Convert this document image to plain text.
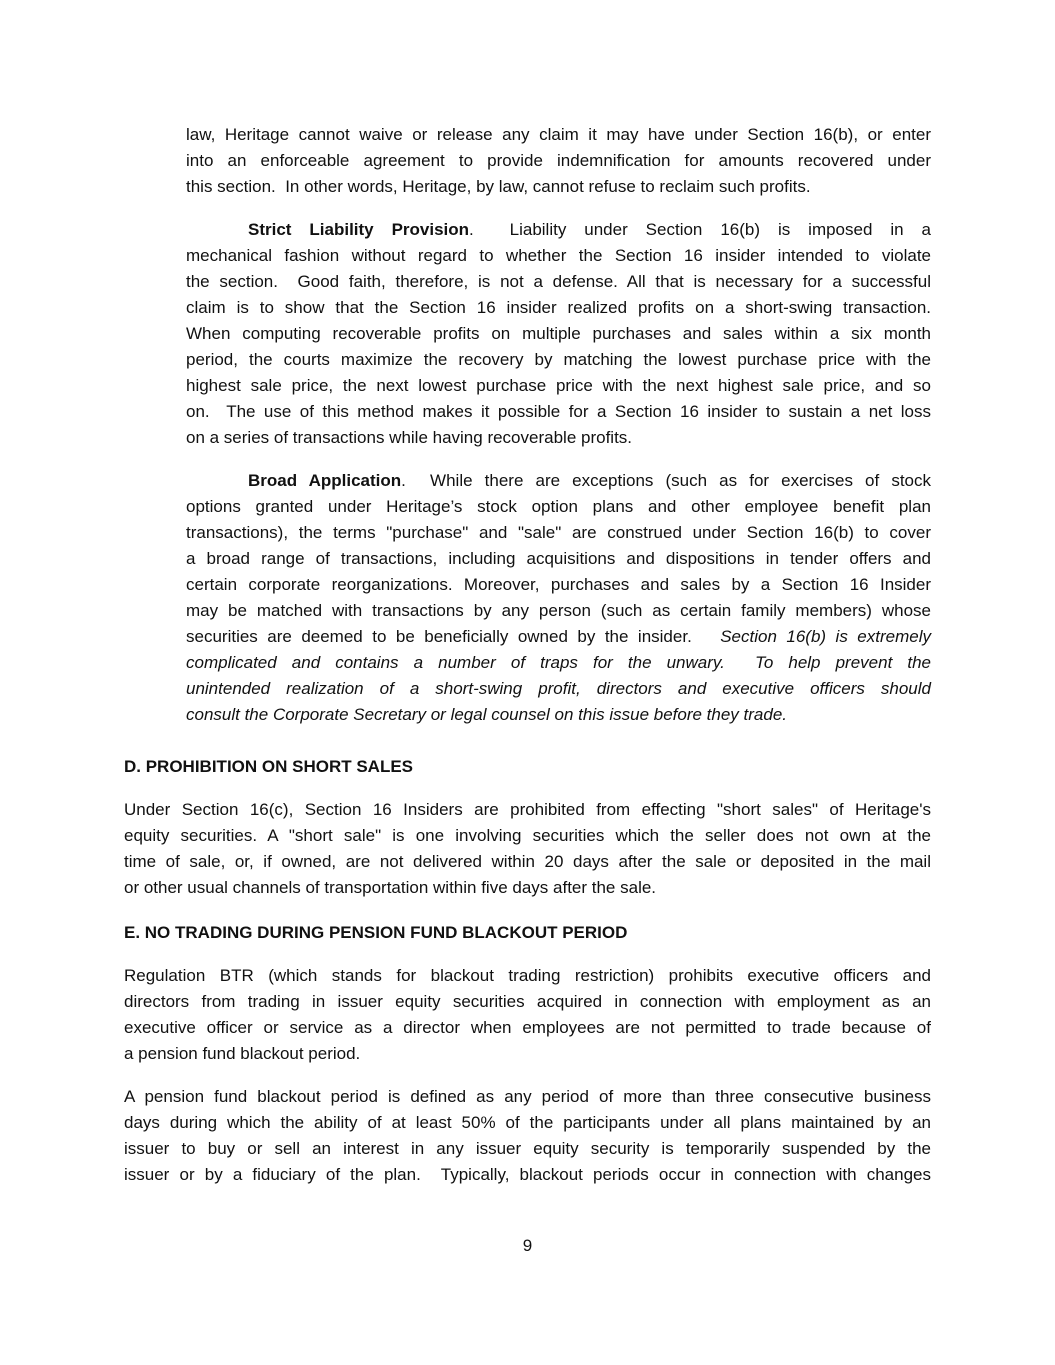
law, Heritage cannot waive or release any claim it may have under Section 16(b), or enter
into an enforceable agreement to provide indemnification for amounts recovered under
this section.  In other words, Heritage, by law, cannot refuse to reclaim such profits.
Strict Liability Provision.  Liability under Section 16(b) is imposed in a
mechanical fashion without regard to whether the Section 16 insider intended to violate
the section.  Good faith, therefore, is not a defense. All that is necessary for a successful
claim is to show that the Section 16 insider realized profits on a short-swing transaction.
When computing recoverable profits on multiple purchases and sales within a six month
period, the courts maximize the recovery by matching the lowest purchase price with the
highest sale price, the next lowest purchase price with the next highest sale price, and so
on.  The use of this method makes it possible for a Section 16 insider to sustain a net loss
on a series of transactions while having recoverable profits.
Broad Application.  While there are exceptions (such as for exercises of stock
options granted under Heritage’s stock option plans and other employee benefit plan
transactions), the terms "purchase" and "sale" are construed under Section 16(b) to cover
a broad range of transactions, including acquisitions and dispositions in tender offers and
certain corporate reorganizations. Moreover, purchases and sales by a Section 16 Insider
may be matched with transactions by any person (such as certain family members) whose
securities are deemed to be beneficially owned by the insider.   Section 16(b) is extremely
complicated and contains a number of traps for the unwary.  To help prevent the
unintended realization of a short-swing profit, directors and executive officers should
consult the Corporate Secretary or legal counsel on this issue before they trade.
D. PROHIBITION ON SHORT SALES
Under Section 16(c), Section 16 Insiders are prohibited from effecting "short sales" of Heritage's
equity securities. A "short sale" is one involving securities which the seller does not own at the
time of sale, or, if owned, are not delivered within 20 days after the sale or deposited in the mail
or other usual channels of transportation within five days after the sale.
E. NO TRADING DURING PENSION FUND BLACKOUT PERIOD
Regulation BTR (which stands for blackout trading restriction) prohibits executive officers and
directors from trading in issuer equity securities acquired in connection with employment as an
executive officer or service as a director when employees are not permitted to trade because of
a pension fund blackout period.
A pension fund blackout period is defined as any period of more than three consecutive business
days during which the ability of at least 50% of the participants under all plans maintained by an
issuer to buy or sell an interest in any issuer equity security is temporarily suspended by the
issuer or by a fiduciary of the plan.  Typically, blackout periods occur in connection with changes
9
